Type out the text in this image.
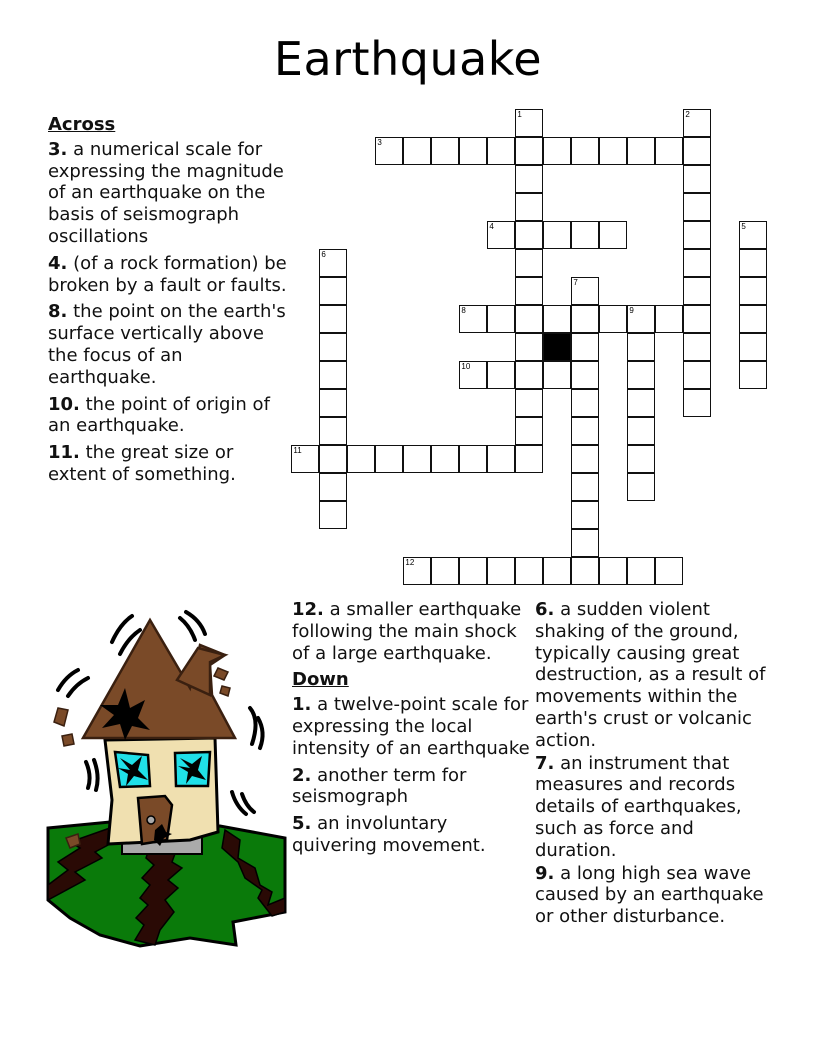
Earthquake
Across
3. a numerical scale for expressing the magnitude of an earthquake on the basis of seismograph oscillations
4. (of a rock formation) be broken by a fault or faults.
8. the point on the earth's surface vertically above the focus of an earthquake.
10. the point of origin of an earthquake.
11. the great size or extent of something.
12. a smaller earthquake following the main shock of a large earthquake.
Down
1. a twelve-point scale for expressing the local intensity of an earthquake
2. another term for seismograph
5. an involuntary quivering movement.
6. a sudden violent shaking of the ground, typically causing great destruction, as a result of movements within the earth's crust or volcanic action.
7. an instrument that measures and records details of earthquakes, such as force and duration.
9. a long high sea wave caused by an earthquake or other disturbance.
1	2
3
4	5
6
7
8	9
10
11
12
